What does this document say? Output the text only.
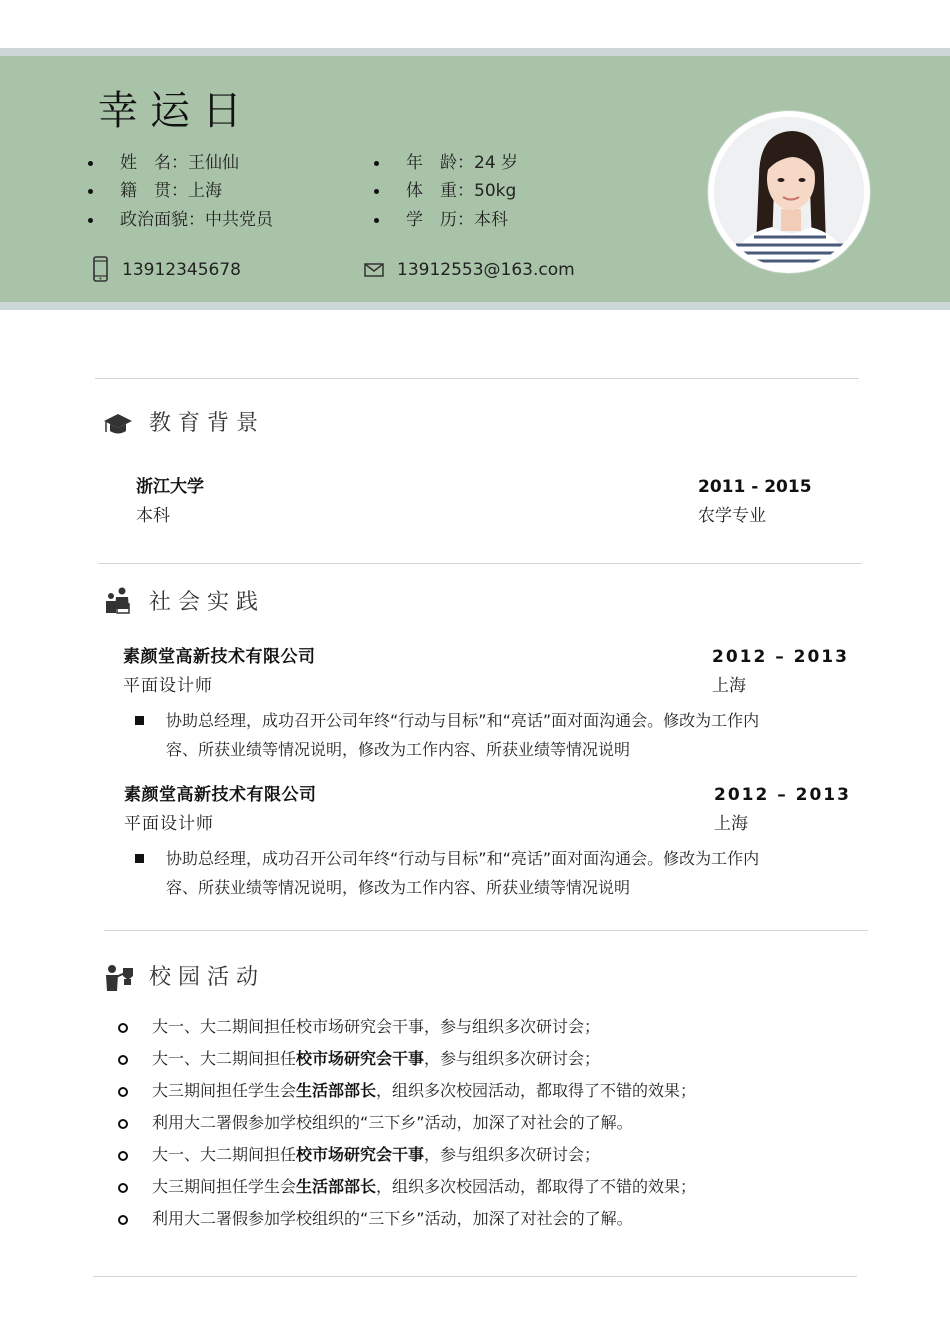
幸运日
姓　名：王仙仙
籍　贯：上海
政治面貌：中共党员
年　龄：24 岁
体　重：50kg
学　历：本科
13912345678	13912553@163.com
教育背景
浙江大学	2011 - 2015
本科	农学专业
社会实践
素颜堂高新技术有限公司	2012 – 2013
平面设计师	上海
协助总经理，成功召开公司年终“行动与目标”和“亮话”面对面沟通会。修改为工作内容、所获业绩等情况说明，修改为工作内容、所获业绩等情况说明
素颜堂高新技术有限公司	2012 – 2013
平面设计师	上海
协助总经理，成功召开公司年终“行动与目标”和“亮话”面对面沟通会。修改为工作内容、所获业绩等情况说明，修改为工作内容、所获业绩等情况说明
校园活动
大一、大二期间担任校市场研究会干事，参与组织多次研讨会；
大一、大二期间担任校市场研究会干事，参与组织多次研讨会；
大三期间担任学生会生活部部长，组织多次校园活动，都取得了不错的效果；
利用大二署假参加学校组织的“三下乡”活动，加深了对社会的了解。
大一、大二期间担任校市场研究会干事，参与组织多次研讨会；
大三期间担任学生会生活部部长，组织多次校园活动，都取得了不错的效果；
利用大二署假参加学校组织的“三下乡”活动，加深了对社会的了解。
